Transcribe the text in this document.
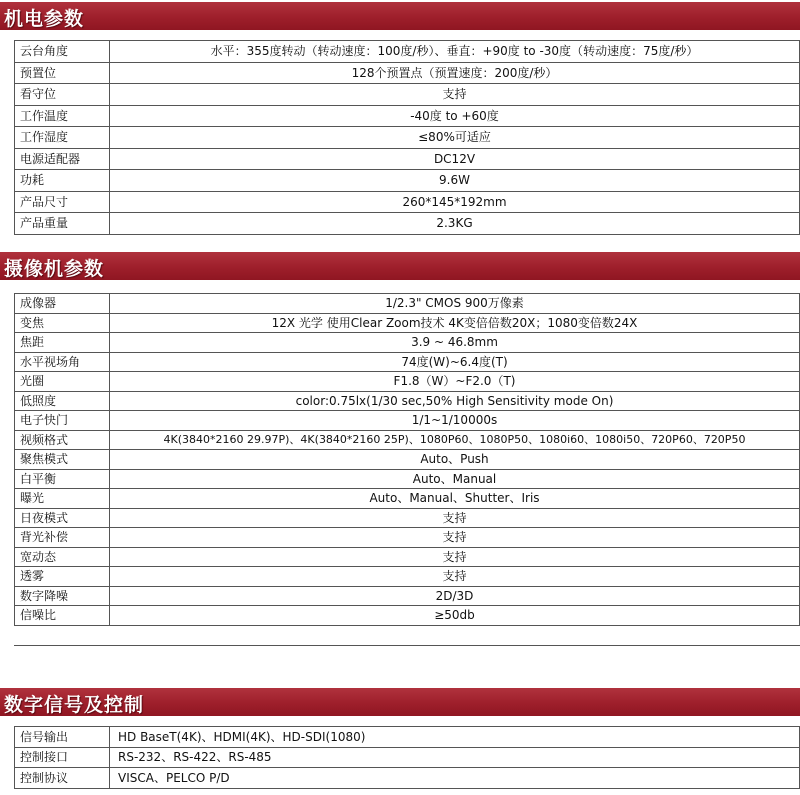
机电参数
云台角度	水平：355度转动（转动速度：100度/秒）、垂直：+90度 to -30度（转动速度：75度/秒）
预置位	128个预置点（预置速度：200度/秒）
看守位	支持
工作温度	-40度 to +60度
工作湿度	≤80%可适应
电源适配器	DC12V
功耗	9.6W
产品尺寸	260*145*192mm
产品重量	2.3KG
摄像机参数
成像器	1/2.3" CMOS 900万像素
变焦	12X 光学 使用Clear Zoom技术 4K变倍倍数20X；1080变倍数24X
焦距	3.9 ~ 46.8mm
水平视场角	74度(W)~6.4度(T)
光圈	F1.8（W）~F2.0（T)
低照度	color:0.75lx(1/30 sec,50% High Sensitivity mode On)
电子快门	1/1~1/10000s
视频格式	4K(3840*2160 29.97P)、4K(3840*2160 25P)、1080P60、1080P50、1080i60、1080i50、720P60、720P50
聚焦模式	Auto、Push
白平衡	Auto、Manual
曝光	Auto、Manual、Shutter、Iris
日夜模式	支持
背光补偿	支持
宽动态	支持
透雾	支持
数字降噪	2D/3D
信噪比	≥50db
数字信号及控制
信号输出	HD BaseT(4K)、HDMI(4K)、HD-SDI(1080)
控制接口	RS-232、RS-422、RS-485
控制协议	VISCA、PELCO P/D
